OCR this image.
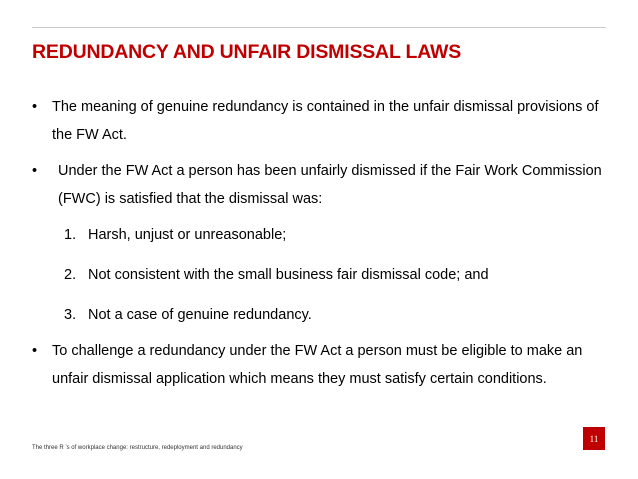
REDUNDANCY AND UNFAIR DISMISSAL LAWS
•	The meaning of genuine redundancy is contained in the unfair dismissal provisions of the FW Act.
•	Under the FW Act a person has been unfairly dismissed if the Fair Work Commission (FWC) is satisfied that the dismissal was:
1. Harsh, unjust or unreasonable;
2. Not consistent with the small business fair dismissal code; and
3. Not a case of genuine redundancy.
•	To challenge a redundancy under the FW Act a person must be eligible to make an unfair dismissal application which means they must satisfy certain conditions.
The three R ’s of workplace change: restructure, redeployment and redundancy
11
